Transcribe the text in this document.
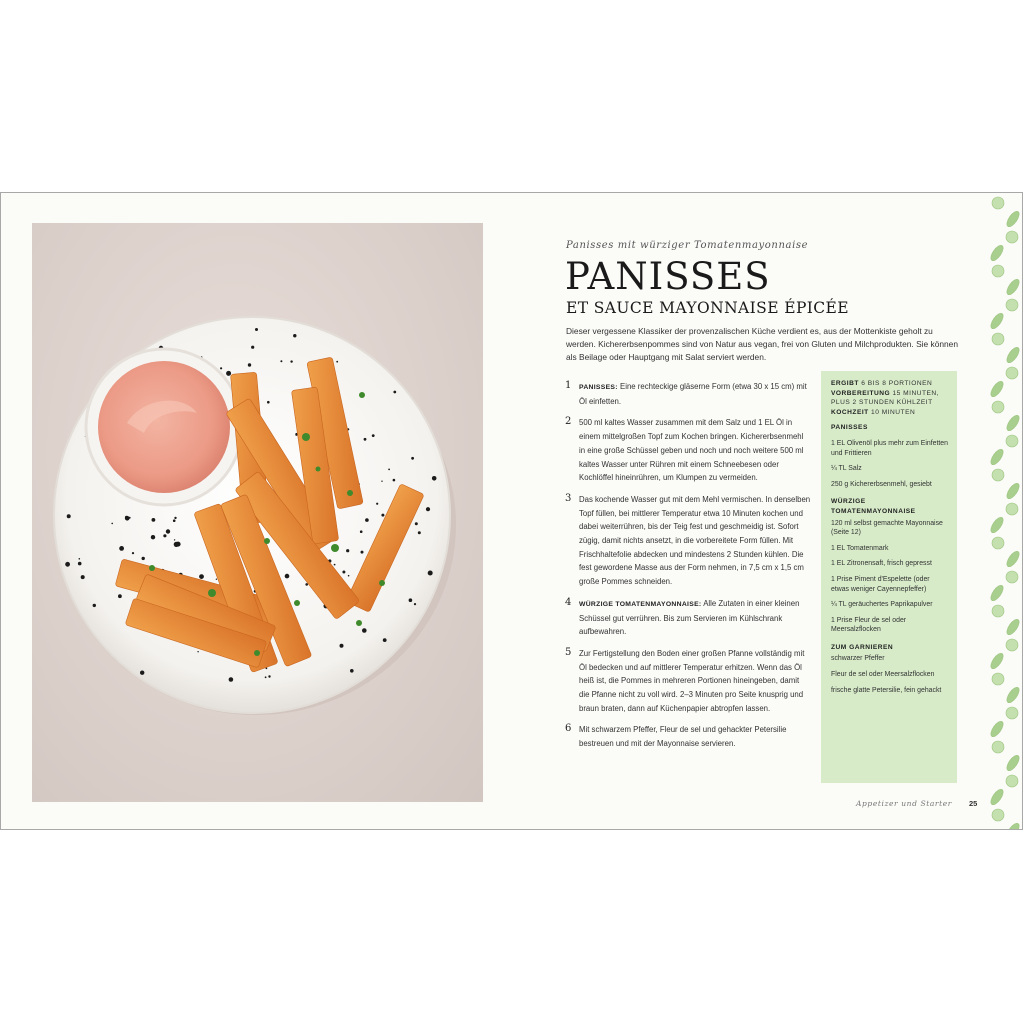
Panisses mit würziger Tomatenmayonnaise
PANISSES
ET SAUCE MAYONNAISE ÉPICÉE
Dieser vergessene Klassiker der provenzalischen Küche verdient es, aus der Mottenkiste geholt zu werden. Kichererbsenpommes sind von Natur aus vegan, frei von Gluten und Milchprodukten. Sie können als Beilage oder Hauptgang mit Salat serviert werden.
1 PANISSES: Eine rechteckige gläserne Form (etwa 30 x 15 cm) mit Öl einfetten.
2 500 ml kaltes Wasser zusammen mit dem Salz und 1 EL Öl in einem mittelgroßen Topf zum Kochen bringen. Kichererbsenmehl in eine große Schüssel geben und noch und noch weitere 500 ml kaltes Wasser unter Rühren mit einem Schneebesen oder Kochlöffel hineinrühren, um Klumpen zu vermeiden.
3 Das kochende Wasser gut mit dem Mehl vermischen. In denselben Topf füllen, bei mittlerer Temperatur etwa 10 Minuten kochen und dabei weiterrühren, bis der Teig fest und geschmeidig ist. Sofort zügig, damit nichts ansetzt, in die vorbereitete Form füllen. Mit Frischhaltefolie abdecken und mindestens 2 Stunden kühlen. Die fest gewordene Masse aus der Form nehmen, in 7,5 cm x 1,5 cm große Pommes schneiden.
4 WÜRZIGE TOMATENMAYONNAISE: Alle Zutaten in einer kleinen Schüssel gut verrühren. Bis zum Servieren im Kühlschrank aufbewahren.
5 Zur Fertigstellung den Boden einer großen Pfanne vollständig mit Öl bedecken und auf mittlerer Temperatur erhitzen. Wenn das Öl heiß ist, die Pommes in mehreren Portionen hineingeben, damit die Pfanne nicht zu voll wird. 2–3 Minuten pro Seite knusprig und braun braten, dann auf Küchenpapier abtropfen lassen.
6 Mit schwarzem Pfeffer, Fleur de sel und gehackter Petersilie bestreuen und mit der Mayonnaise servieren.
ERGIBT 6 BIS 8 PORTIONEN
VORBEREITUNG 15 MINUTEN, PLUS 2 STUNDEN KÜHLZEIT
KOCHZEIT 10 MINUTEN
PANISSES
1 EL Olivenöl plus mehr zum Einfetten und Frittieren
¼ TL Salz
250 g Kichererbsenmehl, gesiebt
WÜRZIGE TOMATENMAYONNAISE
120 ml selbst gemachte Mayonnaise (Seite 12)
1 EL Tomatenmark
1 EL Zitronensaft, frisch gepresst
1 Prise Piment d'Espelette (oder etwas weniger Cayennepfeffer)
¼ TL geräuchertes Paprikapulver
1 Prise Fleur de sel oder Meersalzflocken
ZUM GARNIEREN
schwarzer Pfeffer
Fleur de sel oder Meersalzflocken
frische glatte Petersilie, fein gehackt
Appetizer und Starter 25
